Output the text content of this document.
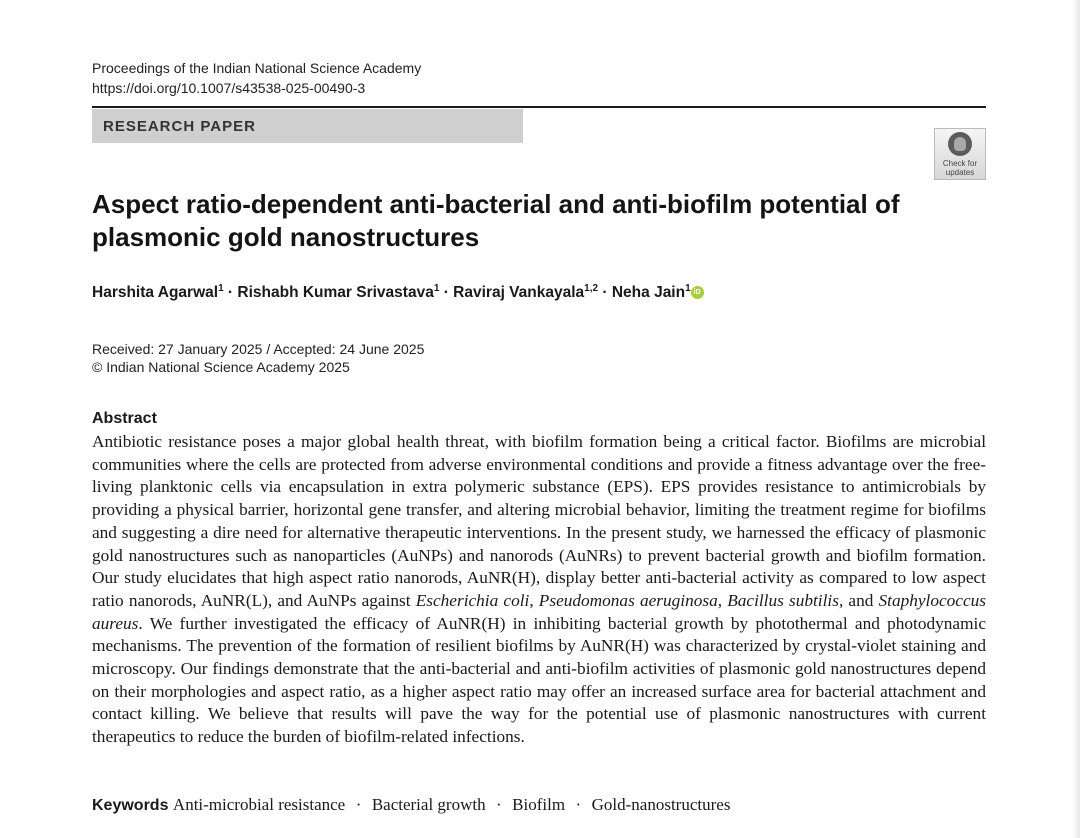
Proceedings of the Indian National Science Academy
https://doi.org/10.1007/s43538-025-00490-3
RESEARCH PAPER
Check for
updates
Aspect ratio-dependent anti-bacterial and anti-biofilm potential of plasmonic gold nanostructures
Harshita Agarwal$^1$ · Rishabh Kumar Srivastava$^1$ · Raviraj Vankayala$^{1,2}$ · Neha Jain$^1$ iD
Received: 27 January 2025 / Accepted: 24 June 2025
© Indian National Science Academy 2025
Abstract
Antibiotic resistance poses a major global health threat, with biofilm formation being a critical factor. Biofilms are microbial communities where the cells are protected from adverse environmental conditions and provide a fitness advantage over the free-living planktonic cells via encapsulation in extra polymeric substance (EPS). EPS provides resistance to antimicrobials by providing a physical barrier, horizontal gene transfer, and altering microbial behavior, limiting the treatment regime for biofilms and suggesting a dire need for alternative therapeutic interventions. In the present study, we harnessed the efficacy of plasmonic gold nanostructures such as nanoparticles (AuNPs) and nanorods (AuNRs) to prevent bacterial growth and biofilm formation. Our study elucidates that high aspect ratio nanorods, AuNR(H), display better anti-bacterial activity as compared to low aspect ratio nanorods, AuNR(L), and AuNPs against Escherichia coli, Pseudomonas aeruginosa, Bacillus subtilis, and Staphylococcus aureus. We further investigated the efficacy of AuNR(H) in inhibiting bacterial growth by photothermal and photodynamic mechanisms. The prevention of the formation of resilient biofilms by AuNR(H) was characterized by crystal-violet staining and microscopy. Our findings demonstrate that the anti-bacterial and anti-biofilm activities of plasmonic gold nanostructures depend on their morphologies and aspect ratio, as a higher aspect ratio may offer an increased surface area for bacterial attachment and contact killing. We believe that results will pave the way for the potential use of plasmonic nanostructures with current therapeutics to reduce the burden of biofilm-related infections.
Keywords Anti-microbial resistance · Bacterial growth · Biofilm · Gold-nanostructures
